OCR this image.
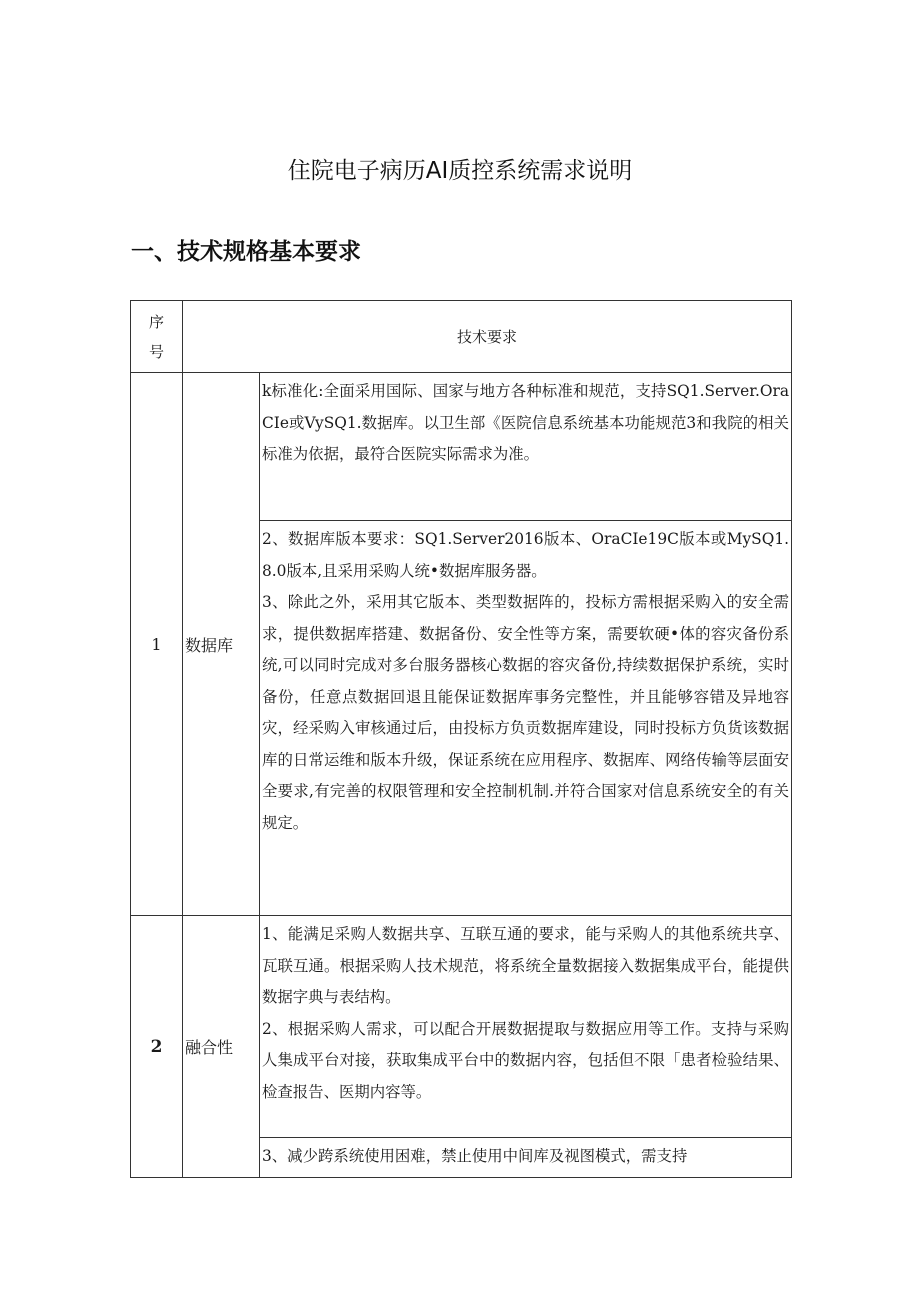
住院电子病历AI质控系统需求说明
一、技术规格基本要求
序
号	技术要求	
1	数据库	k标准化:全面采用国际、国家与地方各种标准和规范，支持SQ1.Server.OraCIe或VySQ1.数据库。以卫生部《医院信息系统基本功能规范3和我院的相关标准为依据，最符合医院实际需求为准。

		2、数据库版本要求：SQ1.Server2016版本、OraCIe19C版本或MySQ1.8.0版本,且采用采购人统•数据库服务器。
3、除此之外，采用其它版本、类型数据阵的，投标方需根据采购入的安全需求，提供数据库搭建、数据备份、安全性等方案，需要软硬•体的容灾备份系统,可以同时完成对多台服务器核心数据的容灾备份,持续数据保护系统，实时备份，任意点数据回退且能保证数据库事务完整性，并且能够容错及异地容灾，经采购入审核通过后，由投标方负贡数据库建设，同时投标方负货该数据库的日常运维和版本升级，保证系统在应用程序、数据库、网络传输等层面安全要求,有完善的权限管理和安全控制机制.并符合国家对信息系统安全的有关规定。

2	融合性	1、能满足采购人数据共享、互联互通的要求，能与采购人的其他系统共享、瓦联互通。根据采购人技术规范，将系统全量数据接入数据集成平台，能提供数据字典与表结构。
2、根据采购人需求，可以配合开展数据提取与数据应用等工作。支持与采购人集成平台对接，获取集成平台中的数据内容，包括但不限「患者检验结果、检查报告、医期内容等。

		3、减少跨系统使用困难，禁止使用中间库及视图模式，需支持
